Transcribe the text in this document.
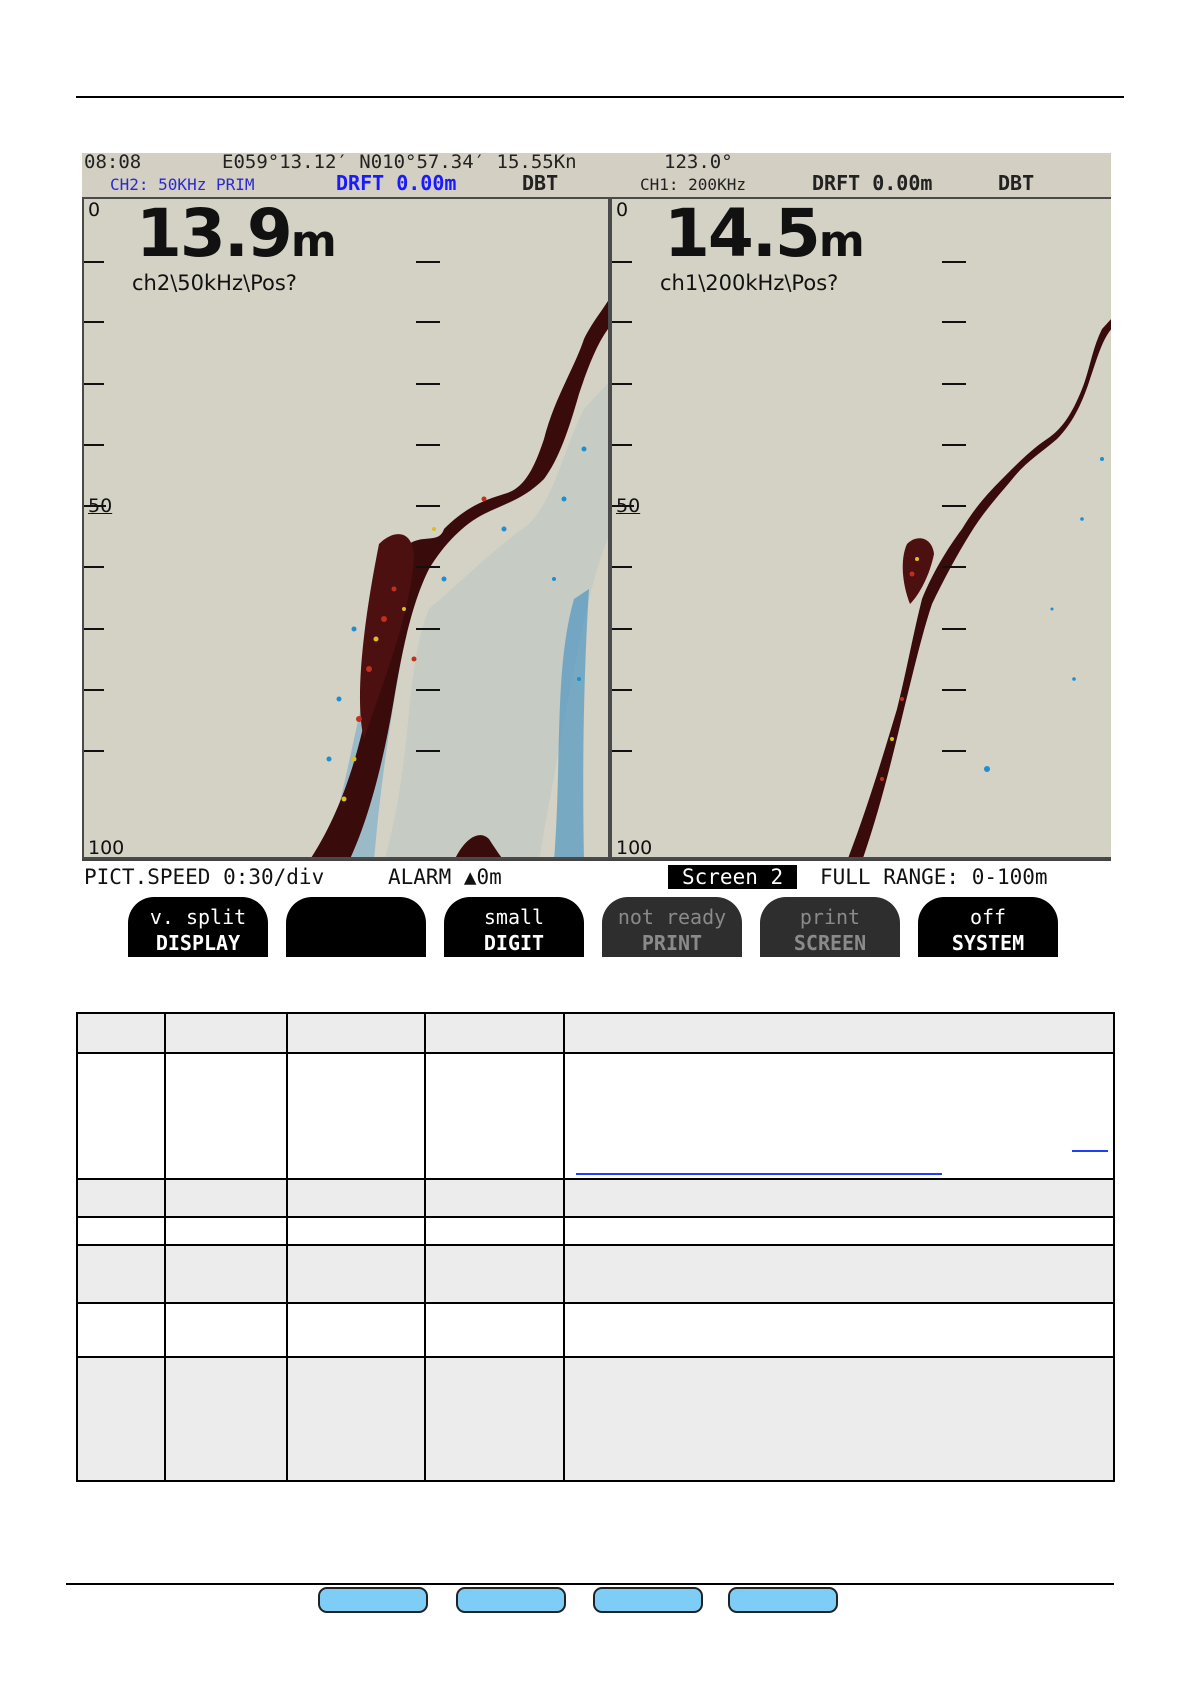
08:08	E059°13.12′ N010°57.34′ 15.55Kn	123.0°
CH2: 50KHz PRIM	DRFT 0.00m	DBT	CH1: 200KHz	DRFT 0.00m	DBT
13.9m
ch2\50kHz\Pos?
0
50
100
14.5m
ch1\200kHz\Pos?
0
50
100
PICT.SPEED 0:30/div	ALARM ▲0m	Screen 2	FULL RANGE: 0-100m
v. split
DISPLAY
small
DIGIT
not ready
PRINT
print
SCREEN
off
SYSTEM
